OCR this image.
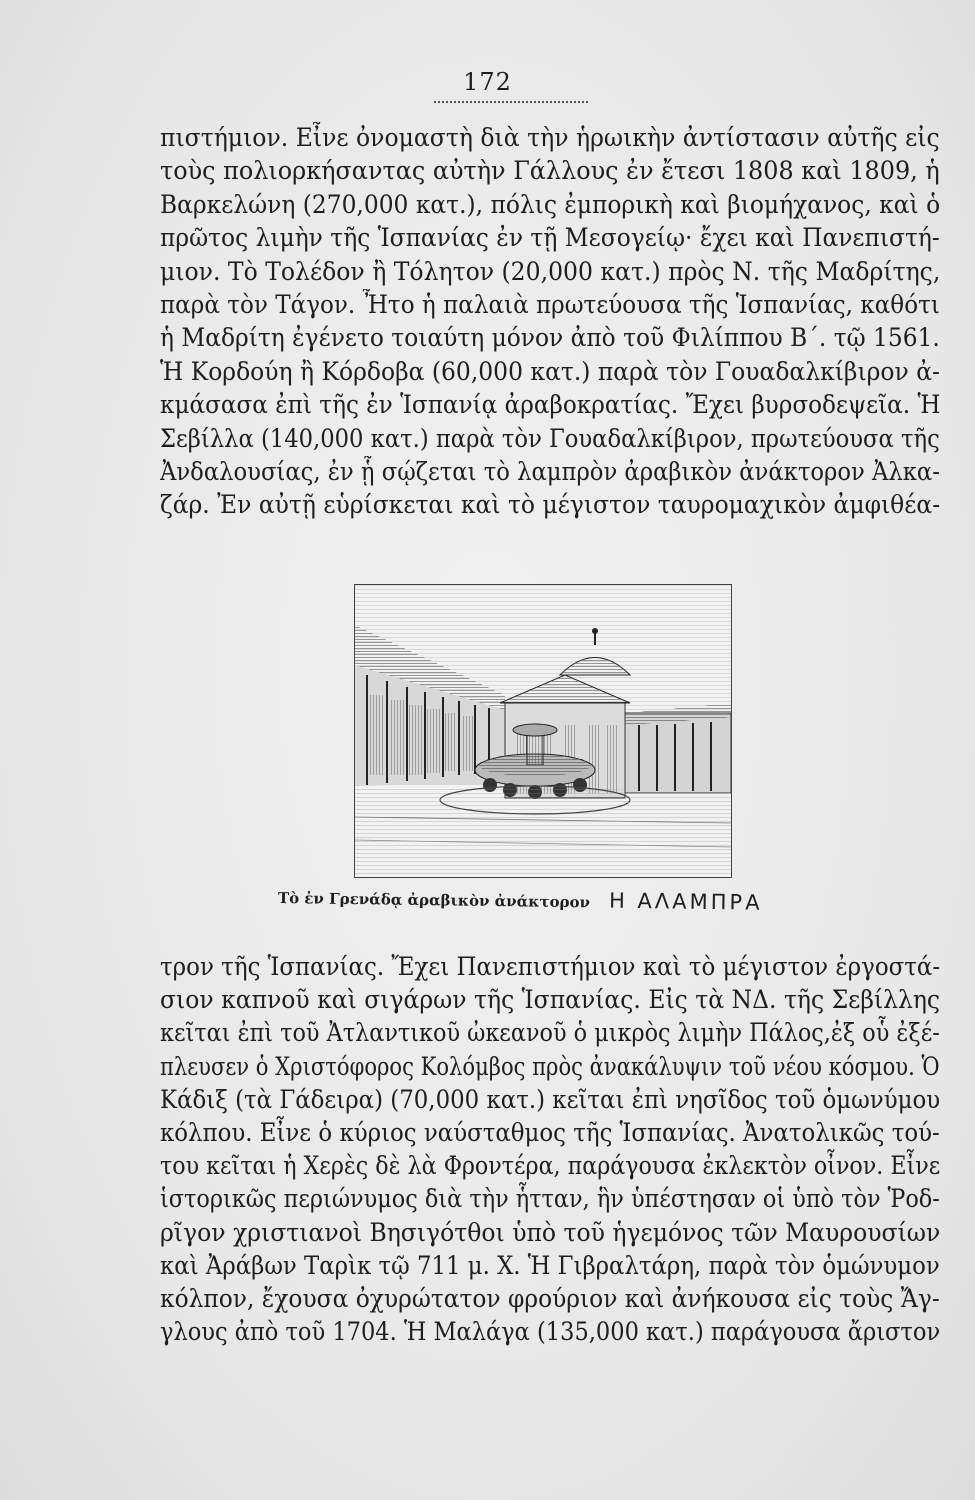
172
πιστήμιον. Εἶνε ὀνομαστὴ διὰ τὴν ἡρωικὴν ἀντίστασιν αὐτῆς εἰς
τοὺς πολιορκήσαντας αὐτὴν Γάλλους ἐν ἔτεσι 1808 καὶ 1809, ἡ
Βαρκελώνη (270,000 κατ.), πόλις ἐμπορικὴ καὶ βιομήχανος, καὶ ὁ
πρῶτος λιμὴν τῆς Ἱσπανίας ἐν τῇ Μεσογείῳ· ἔχει καὶ Πανεπιστή-
μιον. Τὸ Τολέδον ἢ Τόλητον (20,000 κατ.) πρὸς Ν. τῆς Μαδρίτης,
παρὰ τὸν Τάγον. Ἦτο ἡ παλαιὰ πρωτεύουσα τῆς Ἱσπανίας, καθότι
ἡ Μαδρίτη ἐγένετο τοιαύτη μόνον ἀπὸ τοῦ Φιλίππου Β΄. τῷ 1561.
Ἡ Κορδούη ἢ Κόρδοβα (60,000 κατ.) παρὰ τὸν Γουαδαλκίβιρον ἀ-
κμάσασα ἐπὶ τῆς ἐν Ἱσπανίᾳ ἀραβοκρατίας. Ἔχει βυρσοδεψεῖα. Ἡ
Σεβίλλα (140,000 κατ.) παρὰ τὸν Γουαδαλκίβιρον, πρωτεύουσα τῆς
Ἀνδαλουσίας, ἐν ᾗ σῴζεται τὸ λαμπρὸν ἀραβικὸν ἀνάκτορον Ἀλκα-
ζάρ. Ἐν αὐτῇ εὑρίσκεται καὶ τὸ μέγιστον ταυρομαχικὸν ἀμφιθέα-
Τὸ ἐν Γρενάδᾳ ἀραβικὸν ἀνάκτορον Η ΑΛΑΜΠΡΑ
τρον τῆς Ἱσπανίας. Ἔχει Πανεπιστήμιον καὶ τὸ μέγιστον ἐργοστά-
σιον καπνοῦ καὶ σιγάρων τῆς Ἱσπανίας. Εἰς τὰ ΝΔ. τῆς Σεβίλλης
κεῖται ἐπὶ τοῦ Ἀτλαντικοῦ ὠκεανοῦ ὁ μικρὸς λιμὴν Πάλος,ἐξ οὗ ἐξέ-
πλευσεν ὁ Χριστόφορος Κολόμβος πρὸς ἀνακάλυψιν τοῦ νέου κόσμου. Ὁ
Κάδιξ (τὰ Γάδειρα) (70,000 κατ.) κεῖται ἐπὶ νησῖδος τοῦ ὁμωνύμου
κόλπου. Εἶνε ὁ κύριος ναύσταθμος τῆς Ἱσπανίας. Ἀνατολικῶς τού-
του κεῖται ἡ Χερὲς δὲ λὰ Φροντέρα, παράγουσα ἐκλεκτὸν οἶνον. Εἶνε
ἱστορικῶς περιώνυμος διὰ τὴν ἧτταν, ἣν ὑπέστησαν οἱ ὑπὸ τὸν Ῥοδ-
ρῖγον χριστιανοὶ Βησιγότθοι ὑπὸ τοῦ ἡγεμόνος τῶν Μαυρουσίων
καὶ Ἀράβων Ταρὶκ τῷ 711 μ. Χ. Ἡ Γιβραλτάρη, παρὰ τὸν ὁμώνυμον
κόλπον, ἔχουσα ὀχυρώτατον φρούριον καὶ ἀνήκουσα εἰς τοὺς Ἄγ-
γλους ἀπὸ τοῦ 1704. Ἡ Μαλάγα (135,000 κατ.) παράγουσα ἄριστον
